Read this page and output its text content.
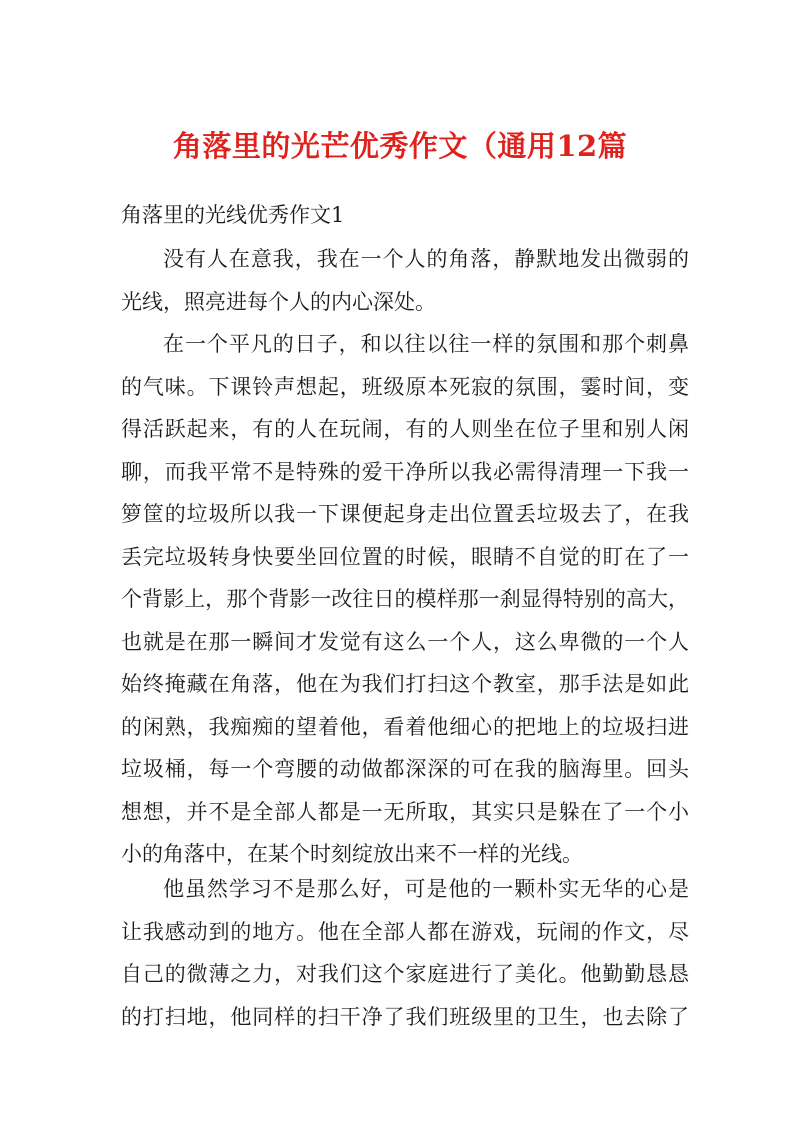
角落里的光芒优秀作文（通用12篇
角落里的光线优秀作文1
没有人在意我，我在一个人的角落，静默地发出微弱的
光线，照亮进每个人的内心深处。
在一个平凡的日子，和以往以往一样的氛围和那个刺鼻
的气味。下课铃声想起，班级原本死寂的氛围，霎时间，变
得活跃起来，有的人在玩闹，有的人则坐在位子里和别人闲
聊，而我平常不是特殊的爱干净所以我必需得清理一下我一
箩筐的垃圾所以我一下课便起身走出位置丢垃圾去了，在我
丢完垃圾转身快要坐回位置的时候，眼睛不自觉的盯在了一
个背影上，那个背影一改往日的模样那一刹显得特别的高大，
也就是在那一瞬间才发觉有这么一个人，这么卑微的一个人
始终掩藏在角落，他在为我们打扫这个教室，那手法是如此
的闲熟，我痴痴的望着他，看着他细心的把地上的垃圾扫进
垃圾桶，每一个弯腰的动做都深深的可在我的脑海里。回头
想想，并不是全部人都是一无所取，其实只是躲在了一个小
小的角落中，在某个时刻绽放出来不一样的光线。
他虽然学习不是那么好，可是他的一颗朴实无华的心是
让我感动到的地方。他在全部人都在游戏，玩闹的作文，尽
自己的微薄之力，对我们这个家庭进行了美化。他勤勤恳恳
的打扫地，他同样的扫干净了我们班级里的卫生，也去除了
